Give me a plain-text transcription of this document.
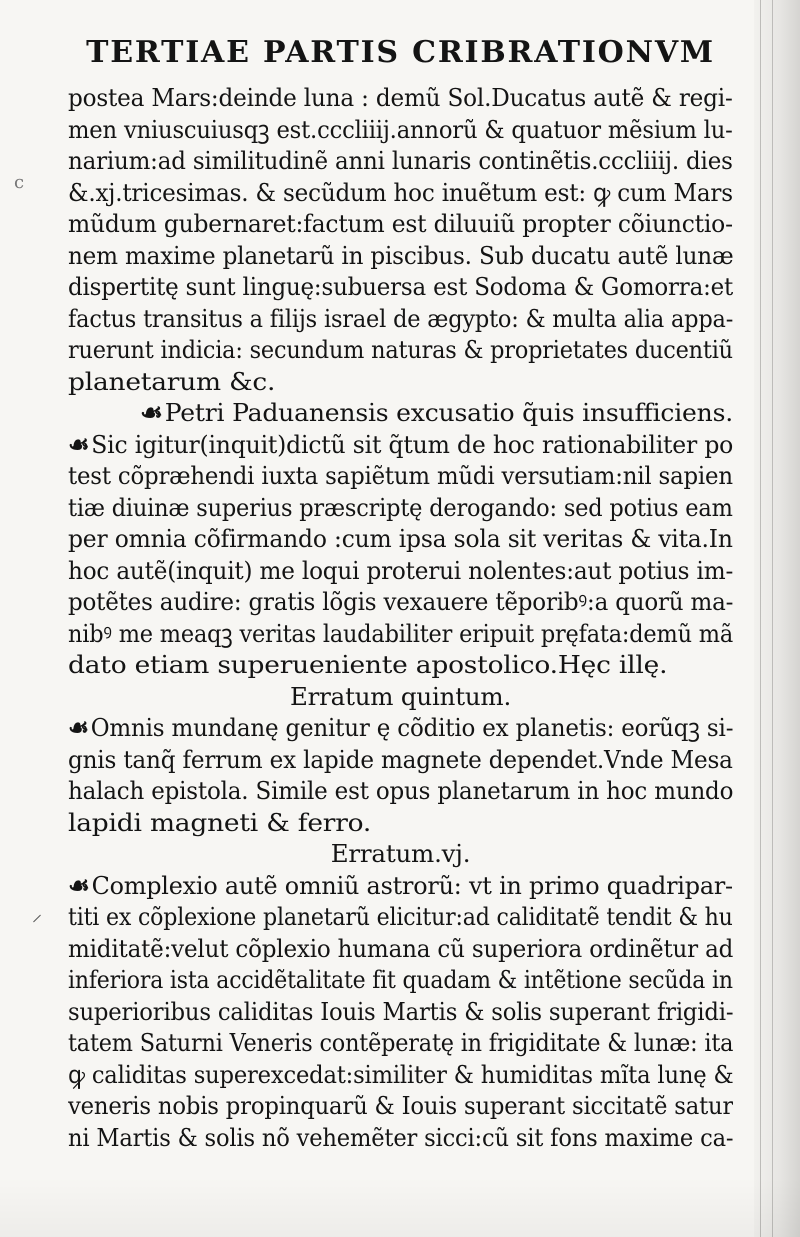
c
TERTIAE PARTIS CRIBRATIONVM
postea Mars:deinde luna : demũ Sol.Ducatus autẽ & regi-
men vniuscuiusqꝫ est.cccliiij.annorũ & quatuor mẽsium lu-
narium:ad similitudinẽ anni lunaris continẽtis.cccliiij. dies
&.xj.tricesimas. & secũdum hoc inuẽtum est: ꝙ cum Mars
mũdum gubernaret:factum est diluuiũ propter cõiunctio-
nem maxime planetarũ in piscibus. Sub ducatu autẽ lunæ
dispertitę sunt linguę:subuersa est Sodoma & Gomorra:et
factus transitus a filijs israel de ægypto: & multa alia appa-
ruerunt indicia: secundum naturas & proprietates ducentiũ
planetarum &c.
☙Petri Paduanensis excusatio q̃uis insufficiens.
☙Sic igitur(inquit)dictũ sit q̃tum de hoc rationabiliter po
test cõpræhendi iuxta sapiẽtum mũdi versutiam:nil sapien
tiæ diuinæ superius præscriptę derogando: sed potius eam
per omnia cõfirmando :cum ipsa sola sit veritas & vita.In
hoc autẽ(inquit) me loqui proterui nolentes:aut potius im-
potẽtes audire: gratis lõgis vexauere tẽporibꝰ:a quorũ ma-
nibꝰ me meaqꝫ veritas laudabiliter eripuit pręfata:demũ mã
dato etiam superueniente apostolico.Hęc illę.
Erratum quintum.
☙Omnis mundanę genitur ę cõditio ex planetis: eorũqꝫ si-
gnis tanq̃ ferrum ex lapide magnete dependet.Vnde Mesa
halach epistola. Simile est opus planetarum in hoc mundo
lapidi magneti & ferro.
Erratum.vj.
☙Complexio autẽ omniũ astrorũ: vt in primo quadripar-
titi ex cõplexione planetarũ elicitur:ad caliditatẽ tendit & hu
miditatẽ:velut cõplexio humana cũ superiora ordinẽtur ad
inferiora ista accidẽtalitate fit quadam & intẽtione secũda in
superioribus caliditas Iouis Martis & solis superant frigidi-
tatem Saturni Veneris contẽperatę in frigiditate & lunæ: ita
ꝙ caliditas superexcedat:similiter & humiditas mĩta lunę &
veneris nobis propinquarũ & Iouis superant siccitatẽ satur
ni Martis & solis nõ vehemẽter sicci:cũ sit fons maxime ca-
